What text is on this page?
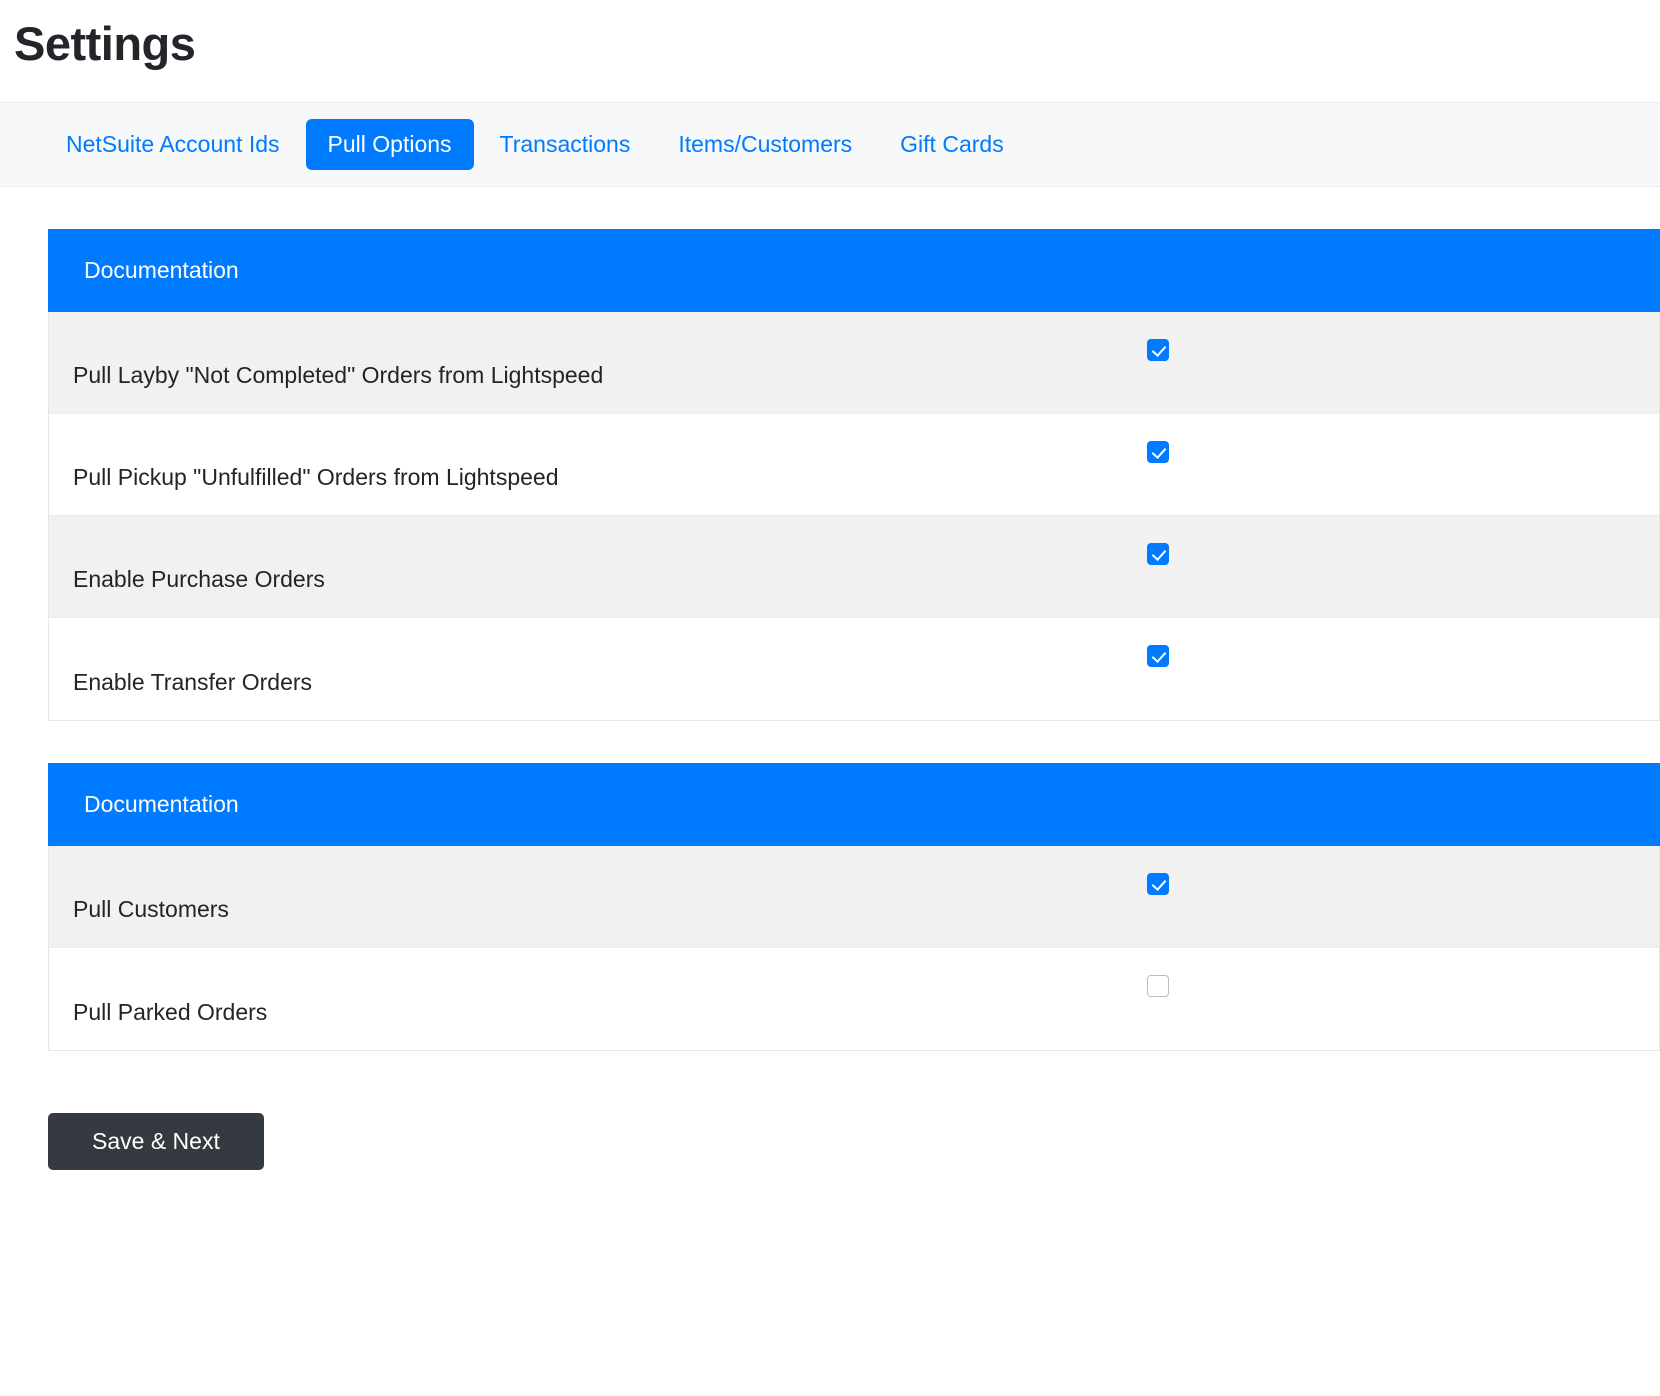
Settings
NetSuite Account Ids	Pull Options	Transactions	Items/Customers	Gift Cards
Documentation
Pull Layby "Not Completed" Orders from Lightspeed
Pull Pickup "Unfulfilled" Orders from Lightspeed
Enable Purchase Orders
Enable Transfer Orders
Documentation
Pull Customers
Pull Parked Orders
Save & Next
